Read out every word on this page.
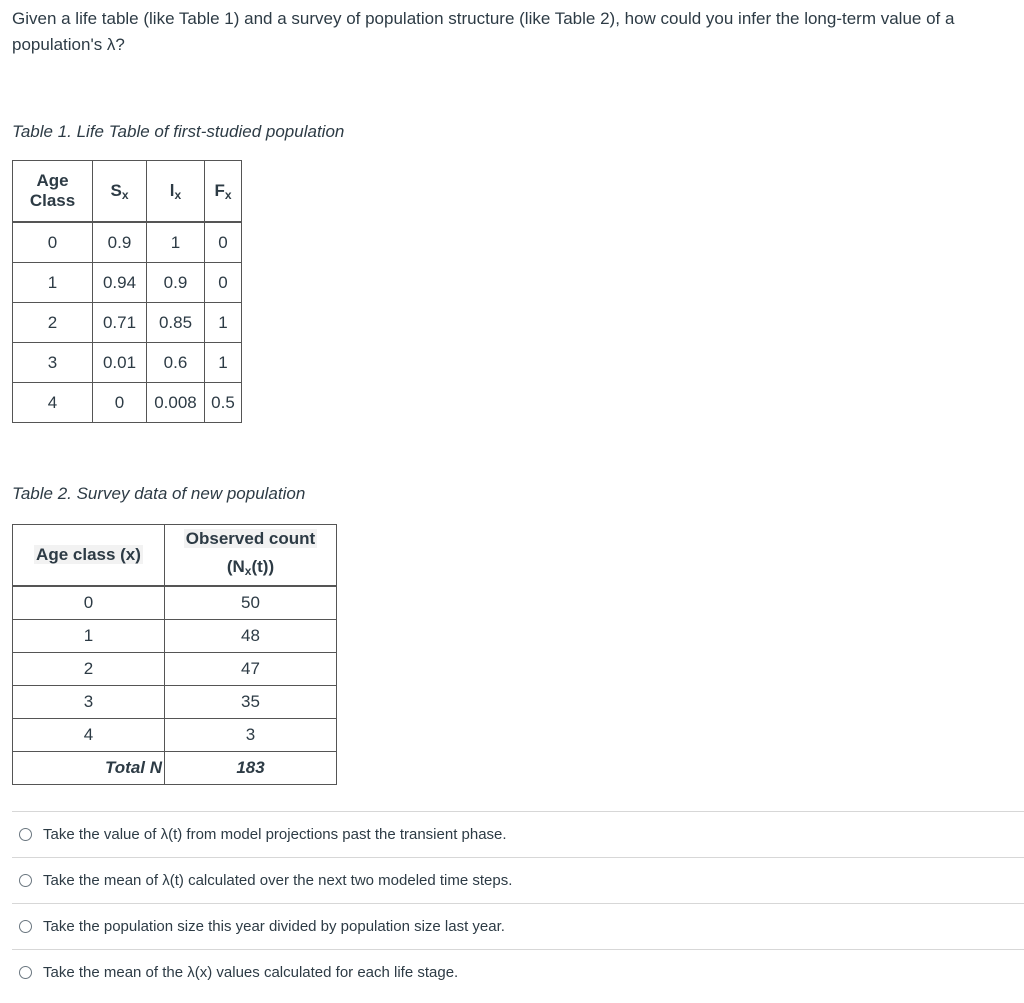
Given a life table (like Table 1) and a survey of population structure (like Table 2), how could you infer the long-term value of a population's λ?
Table 1. Life Table of first-studied population
Age
Class	$S_x$	$l_x$	$F_x$
0	0.9	1	0
1	0.94	0.9	0
2	0.71	0.85	1
3	0.01	0.6	1
4	0	0.008	0.5
Table 2. Survey data of new population
Age class (x)	Observed count
$(N_x(t))$
0	50
1	48
2	47
3	35
4	3
Total N	183
Take the value of λ(t) from model projections past the transient phase.
Take the mean of λ(t) calculated over the next two modeled time steps.
Take the population size this year divided by population size last year.
Take the mean of the λ(x) values calculated for each life stage.
